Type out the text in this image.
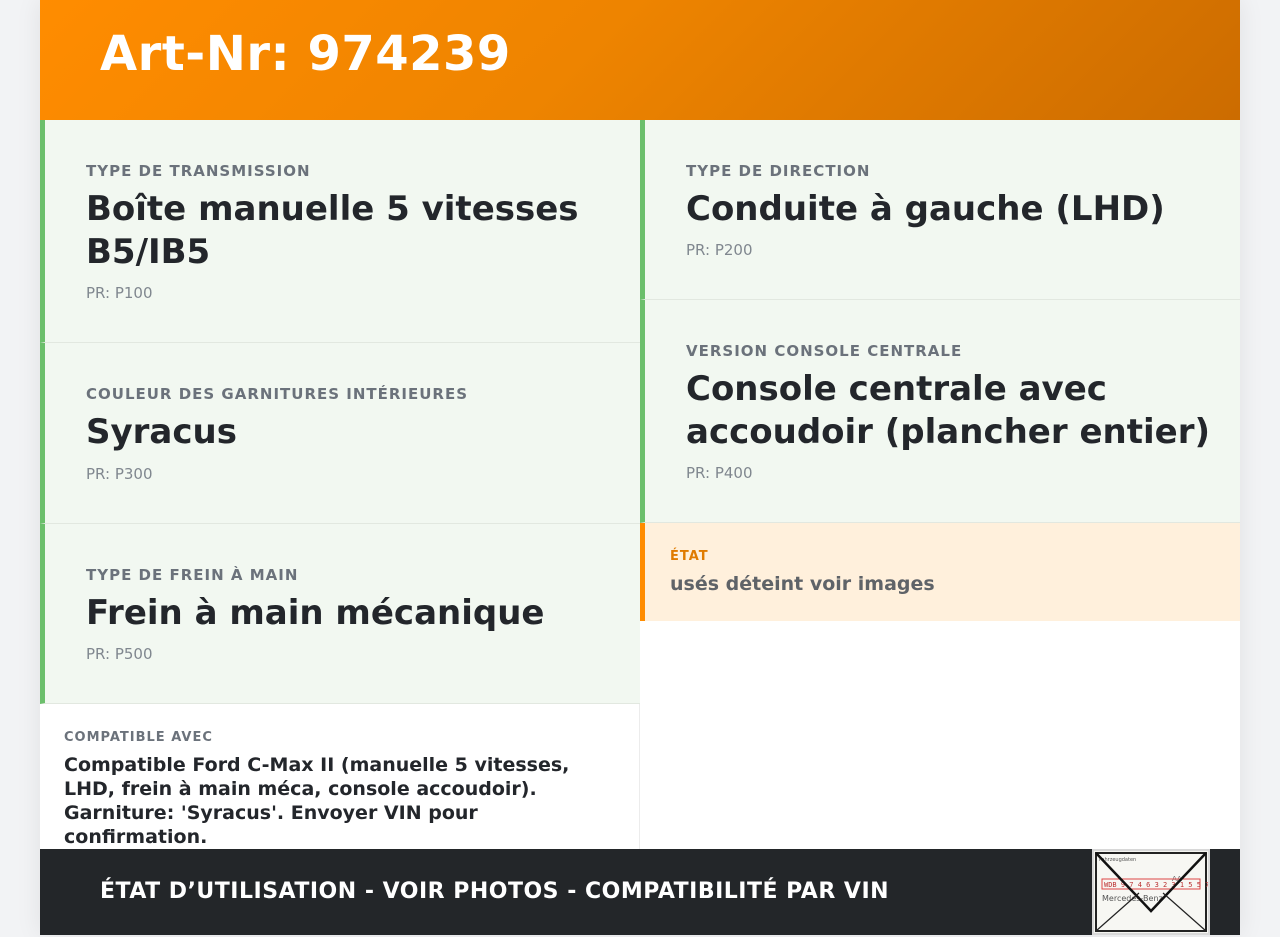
Art-Nr: 974239
TYPE DE TRANSMISSION
Boîte manuelle 5 vitesses B5/IB5
PR: P100
TYPE DE DIRECTION
Conduite à gauche (LHD)
PR: P200
COULEUR DES GARNITURES INTÉRIEURES
Syracus
PR: P300
VERSION CONSOLE CENTRALE
Console centrale avec accoudoir (plancher entier)
PR: P400
TYPE DE FREIN À MAIN
Frein à main mécanique
PR: P500
ÉTAT
usés déteint voir images
COMPATIBLE AVEC
Compatible Ford C-Max II (manuelle 5 vitesses, LHD, frein à main méca, console accoudoir). Garniture: 'Syracus'. Envoyer VIN pour confirmation.
ÉTAT D’UTILISATION - VOIR PHOTOS - COMPATIBILITÉ PAR VIN
Fahrzeugdaten
AA
WDB 9 7 4 6 3 2 3 1 5 5 7
Mercedes-Benz
